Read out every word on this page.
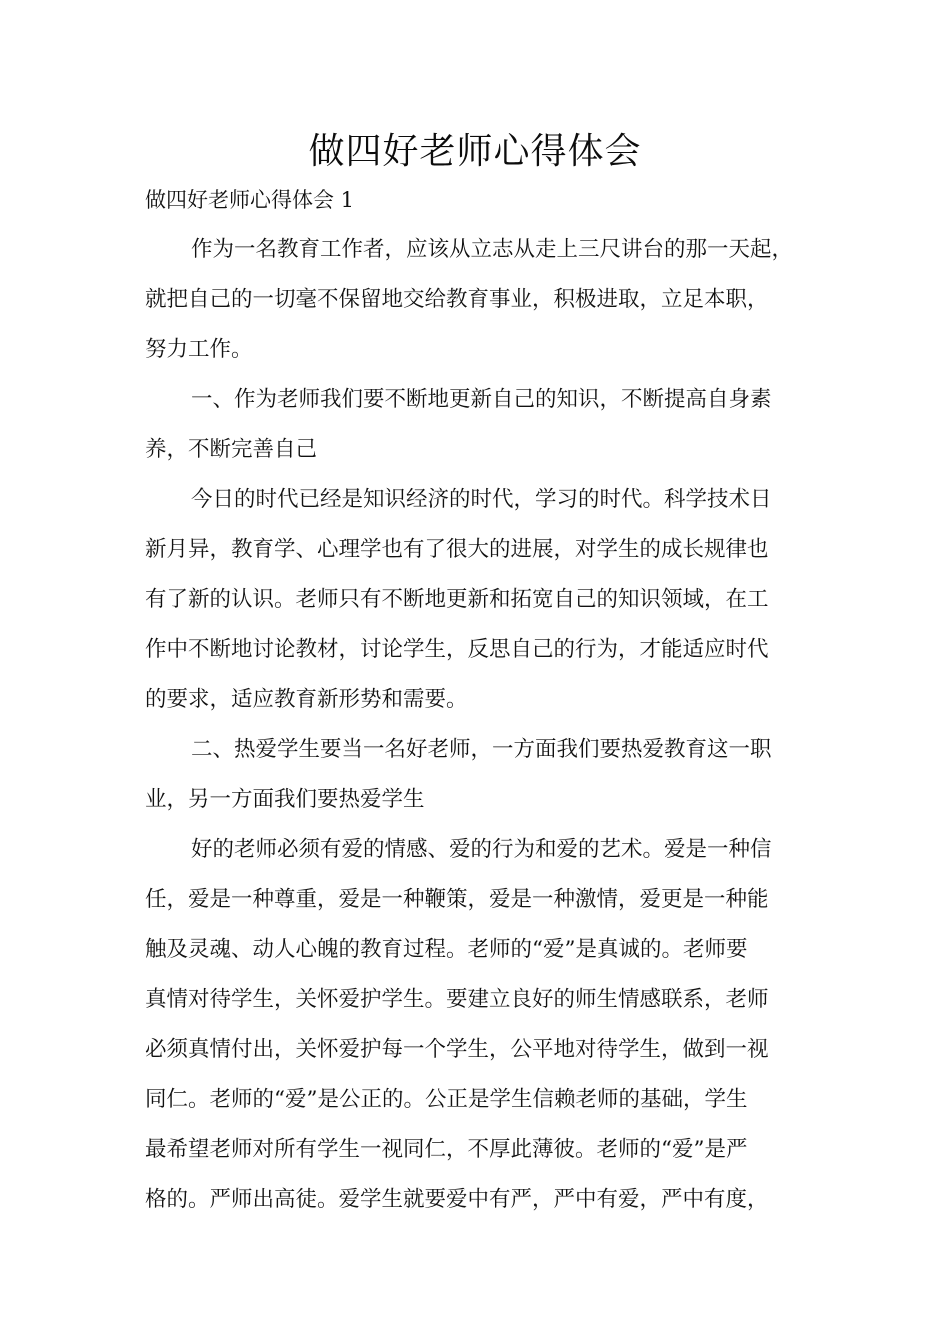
做四好老师心得体会
做四好老师心得体会 1
作为一名教育工作者，应该从立志从走上三尺讲台的那一天起，
就把自己的一切毫不保留地交给教育事业，积极进取，立足本职，
努力工作。
一、作为老师我们要不断地更新自己的知识，不断提高自身素
养，不断完善自己
今日的时代已经是知识经济的时代，学习的时代。科学技术日
新月异，教育学、心理学也有了很大的进展，对学生的成长规律也
有了新的认识。老师只有不断地更新和拓宽自己的知识领域，在工
作中不断地讨论教材，讨论学生，反思自己的行为，才能适应时代
的要求，适应教育新形势和需要。
二、热爱学生要当一名好老师，一方面我们要热爱教育这一职
业，另一方面我们要热爱学生
好的老师必须有爱的情感、爱的行为和爱的艺术。爱是一种信
任，爱是一种尊重，爱是一种鞭策，爱是一种激情，爱更是一种能
触及灵魂、动人心魄的教育过程。老师的“爱”是真诚的。老师要
真情对待学生，关怀爱护学生。要建立良好的师生情感联系，老师
必须真情付出，关怀爱护每一个学生，公平地对待学生，做到一视
同仁。老师的“爱”是公正的。公正是学生信赖老师的基础，学生
最希望老师对所有学生一视同仁，不厚此薄彼。老师的“爱”是严
格的。严师出高徒。爱学生就要爱中有严，严中有爱，严中有度，
